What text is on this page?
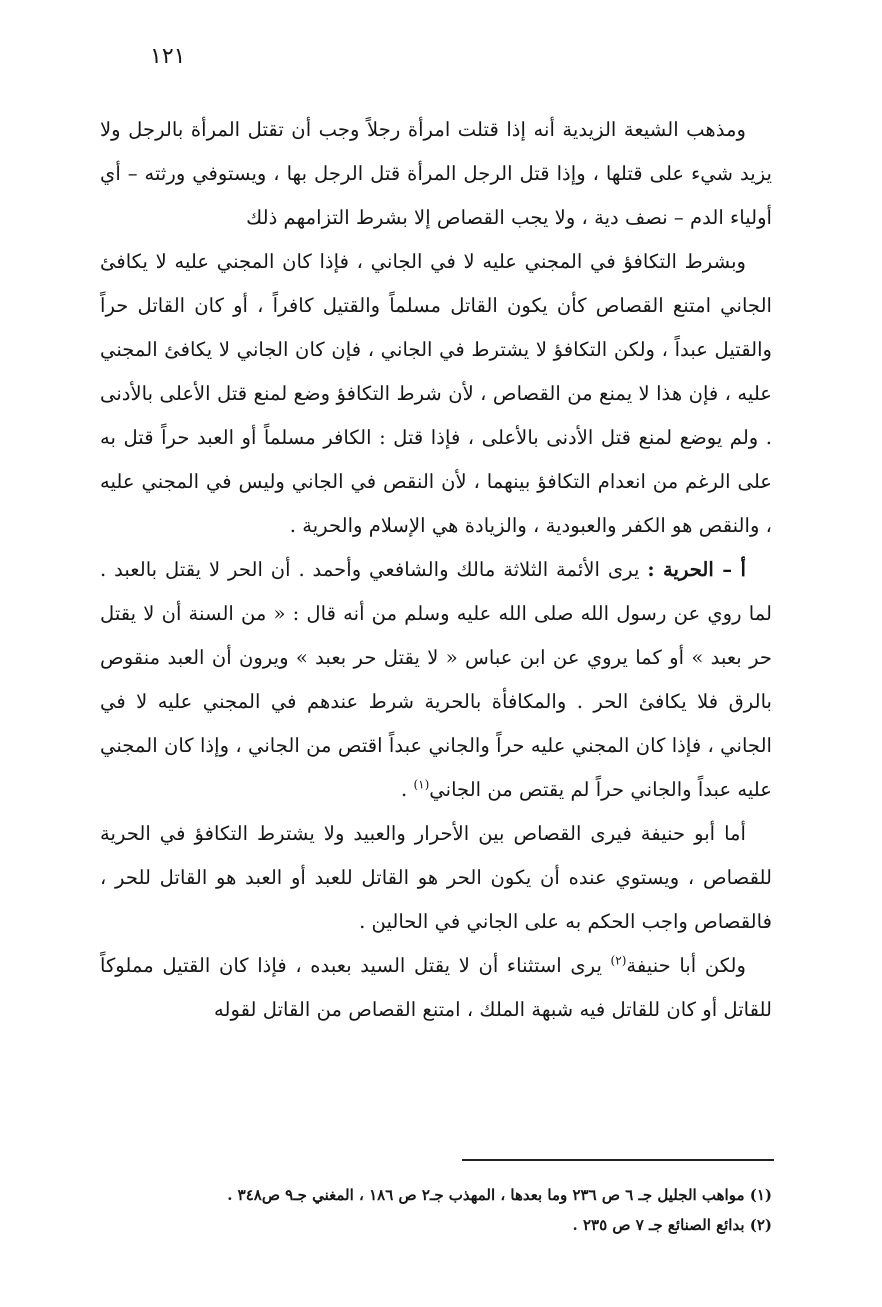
١٢١

ومذهب الشيعة الزيدية أنه إذا قتلت امرأة رجلاً وجب أن تقتل المرأة بالرجل ولا يزيد شيء على قتلها ، وإذا قتل الرجل المرأة قتل الرجل بها ، ويستوفي ورثته – أي أولياء الدم – نصف دية ، ولا يجب القصاص إلا بشرط التزامهم ذلك

وبشرط التكافؤ في المجني عليه لا في الجاني ، فإذا كان المجني عليه لا يكافئ الجاني امتنع القصاص كأن يكون القاتل مسلماً والقتيل كافراً ، أو كان القاتل حراً والقتيل عبداً ، ولكن التكافؤ لا يشترط في الجاني ، فإن كان الجاني لا يكافئ المجني عليه ، فإن هذا لا يمنع من القصاص ، لأن شرط التكافؤ وضع لمنع قتل الأعلى بالأدنى . ولم يوضع لمنع قتل الأدنى بالأعلى ، فإذا قتل : الكافر مسلماً أو العبد حراً قتل به على الرغم من انعدام التكافؤ بينهما ، لأن النقص في الجاني وليس في المجني عليه ، والنقص هو الكفر والعبودية ، والزيادة هي الإسلام والحرية .

أ – الحرية : يرى الأئمة الثلاثة مالك والشافعي وأحمد . أن الحر لا يقتل بالعبد . لما روي عن رسول الله صلى الله عليه وسلم من أنه قال : « من السنة أن لا يقتل حر بعبد » أو كما يروي عن ابن عباس « لا يقتل حر بعبد » ويرون أن العبد منقوص بالرق فلا يكافئ الحر . والمكافأة بالحرية شرط عندهم في المجني عليه لا في الجاني ، فإذا كان المجني عليه حراً والجاني عبداً اقتص من الجاني ، وإذا كان المجني عليه عبداً والجاني حراً لم يقتص من الجاني$^{(١)}$ .

أما أبو حنيفة فيرى القصاص بين الأحرار والعبيد ولا يشترط التكافؤ في الحرية للقصاص ، ويستوي عنده أن يكون الحر هو القاتل للعبد أو العبد هو القاتل للحر ، فالقصاص واجب الحكم به على الجاني في الحالين .

ولكن أبا حنيفة$^{(٢)}$ يرى استثناء أن لا يقتل السيد بعبده ، فإذا كان القتيل مملوكاً للقاتل أو كان للقاتل فيه شبهة الملك ، امتنع القصاص من القاتل لقوله

(١) مواهب الجليل جـ ٦ ص ٢٣٦ وما بعدها ، المهذب جـ٢ ص ١٨٦ ، المغني جـ٩ ص٣٤٨ .

(٢) بدائع الصنائع جـ ٧ ص ٢٣٥ .
